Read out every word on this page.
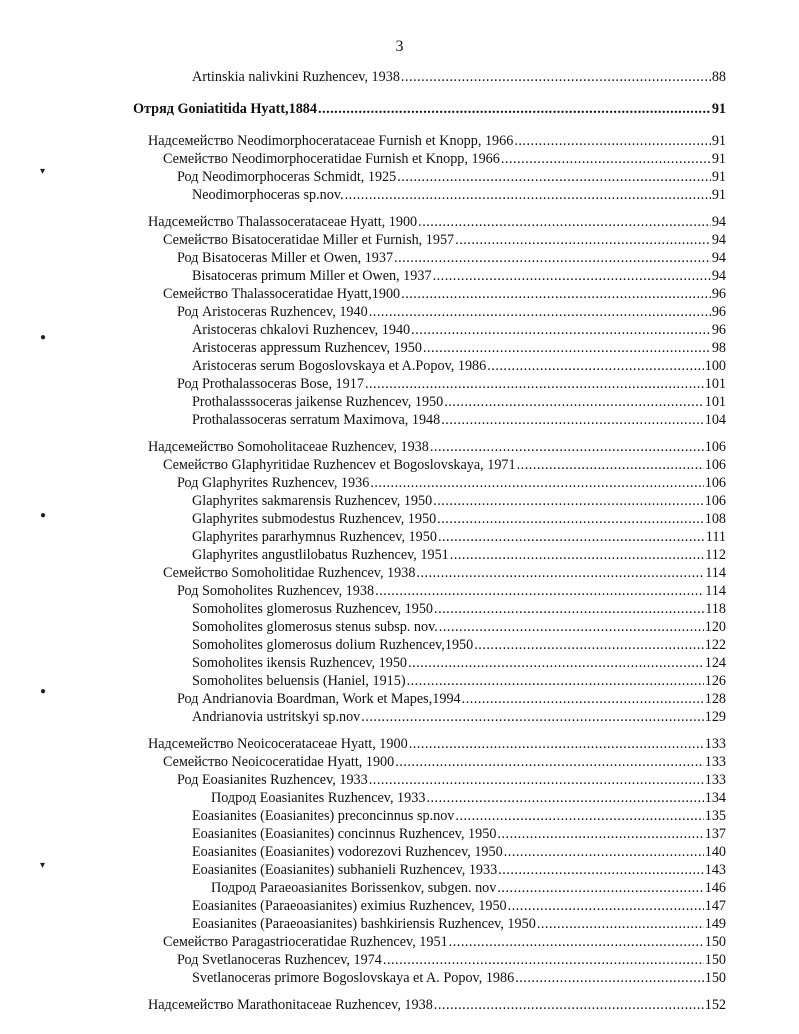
3
Artinskia nalivkini Ruzhencev, 1938 .....	88
Отряд Goniatitida Hyatt,1884 .....	91
Надсемейство Neodimorphocerataceae Furnish et Knopp, 1966 .....	91
Семейство Neodimorphoceratidae Furnish et Knopp, 1966 .....	91
Род Neodimorphoceras Schmidt, 1925 .....	91
Neodimorphoceras sp.nov. .....	91
Надсемейство Thalassocerataceae Hyatt, 1900 .....	94
Семейство Bisatoceratidae Miller et Furnish, 1957 .....	94
Род Bisatoceras Miller et Owen, 1937 .....	94
Bisatoceras primum Miller et Owen, 1937 .....	94
Семейство Thalassoceratidae Hyatt,1900 .....	96
Род Aristoceras Ruzhencev, 1940 .....	96
Aristoceras chkalovi Ruzhencev, 1940 .....	96
Aristoceras appressum Ruzhencev, 1950 .....	98
Aristoceras serum Bogoslovskaya et A.Popov, 1986 .....	100
Род Prothalassoceras Bose, 1917 .....	101
Prothalasssoceras jaikense Ruzhencev, 1950 .....	101
Prothalassoceras serratum Maximova, 1948 .....	104
Надсемейство Somoholitaceae Ruzhencev, 1938 .....	106
Семейство Glaphyritidae Ruzhencev et Bogoslovskaya, 1971 .....	106
Род Glaphyrites Ruzhencev, 1936 .....	106
Glaphyrites sakmarensis Ruzhencev, 1950 .....	106
Glaphyrites submodestus Ruzhencev, 1950 .....	108
Glaphyrites pararhymnus Ruzhencev, 1950 .....	111
Glaphyrites angustlilobatus Ruzhencev, 1951 .....	112
Семейство Somoholitidae Ruzhencev, 1938 .....	114
Род Somoholites Ruzhencev, 1938 .....	114
Somoholites glomerosus Ruzhencev, 1950 .....	118
Somoholites glomerosus stenus subsp. nov. .....	120
Somoholites glomerosus dolium Ruzhencev,1950 .....	122
Somoholites ikensis Ruzhencev, 1950 .....	124
Somoholites beluensis (Haniel, 1915) .....	126
Род Andrianovia Boardman, Work et Mapes,1994 .....	128
Andrianovia ustritskyi sp.nov .....	129
Надсемейство Neoicocerataceae Hyatt, 1900 .....	133
Семейство Neoicoceratidae Hyatt, 1900 .....	133
Род Eoasianites Ruzhencev, 1933 .....	133
Подрод Eoasianites Ruzhencev, 1933 .....	134
Eoasianites (Eoasianites) preconcinnus sp.nov .....	135
Eoasianites (Eoasianites) concinnus Ruzhencev, 1950 .....	137
Eoasianites (Eoasianites) vodorezovi Ruzhencev, 1950 .....	140
Eoasianites (Eoasianites) subhanieli Ruzhencev, 1933 .....	143
Подрод Paraeoasianites Borissenkov, subgen. nov .....	146
Eoasianites (Paraeoasianites) eximius Ruzhencev, 1950 .....	147
Eoasianites (Paraeoasianites) bashkiriensis Ruzhencev, 1950 .....	149
Семейство Paragastrioceratidae Ruzhencev, 1951 .....	150
Род Svetlanoceras Ruzhencev, 1974 .....	150
Svetlanoceras primore Bogoslovskaya et A. Popov, 1986 .....	150
Надсемейство Marathonitaceae Ruzhencev, 1938 .....	152
▾
●
●
●
▾
